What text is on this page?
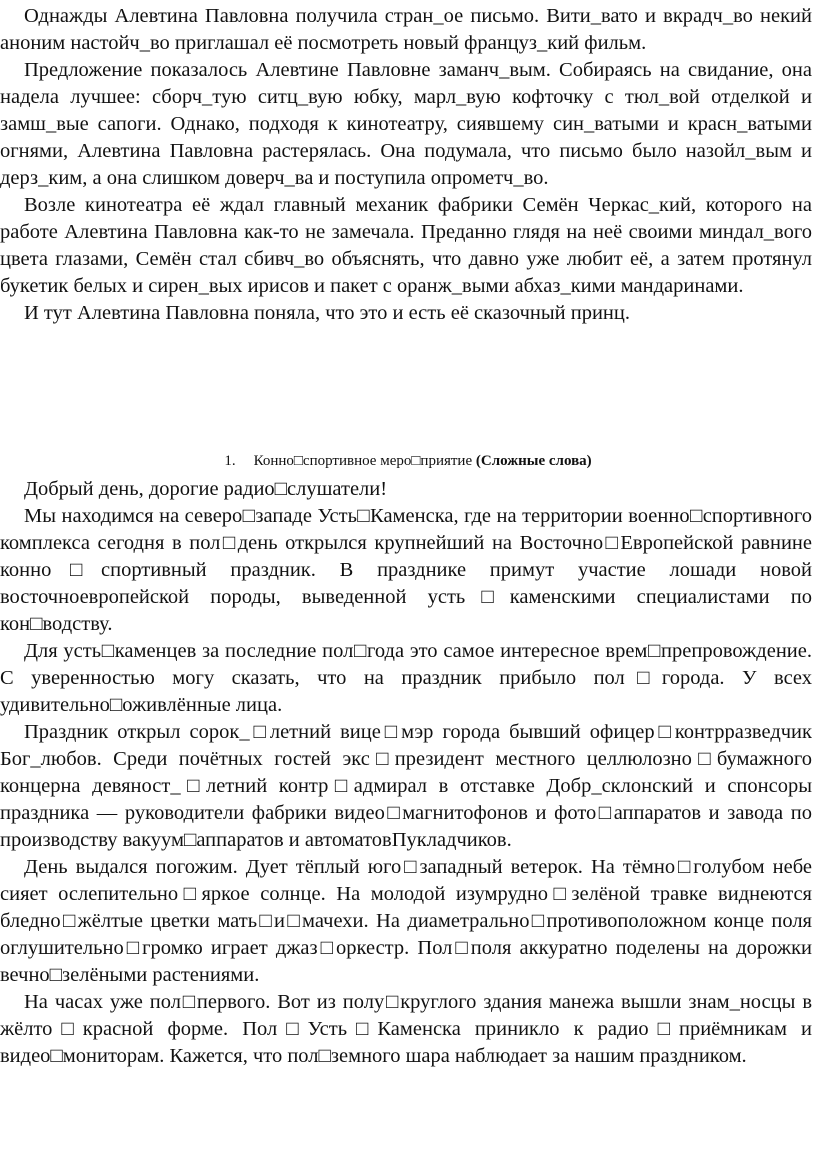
Однажды Алевтина Павловна получила стран_ое письмо. Вити_вато и вкрадч_во некий аноним настойч_во приглашал её посмотреть новый француз_кий фильм.

Предложение показалось Алевтине Павловне заманч_вым. Собираясь на свидание, она надела лучшее: сборч_тую ситц_вую юбку, марл_вую кофточку с тюл_вой отделкой и замш_вые сапоги. Однако, подходя к кинотеатру, сиявшему син_ватыми и красн_ватыми огнями, Алевтина Павловна растерялась. Она подумала, что письмо было назойл_вым и дерз_ким, а она слишком доверч_ва и поступила опрометч_во.

Возле кинотеатра её ждал главный механик фабрики Семён Черкас_кий, которого на работе Алевтина Павловна как-то не замечала. Преданно глядя на неё своими миндал_вого цвета глазами, Семён стал сбивч_во объяснять, что давно уже любит её, а затем протянул букетик белых и сирен_вых ирисов и пакет с оранж_выми абхаз_кими мандаринами.

И тут Алевтина Павловна поняла, что это и есть её сказочный принц.

1. Конно□спортивное меро□приятие (Сложные слова)

Добрый день, дорогие радио□слушатели!

Мы находимся на северо□западе Усть□Каменска, где на территории военно□спортивного комплекса сегодня в пол□день открылся крупнейший на Восточно□Европейской равнине конно□спортивный праздник. В празднике примут участие лошади новой восточноевропейской породы, выведенной усть□каменскими специалистами по кон□водству.

Для усть□каменцев за последние пол□года это самое интересное врем□препровождение. С уверенностью могу сказать, что на праздник прибыло пол□города. У всех удивительно□оживлённые лица.

Праздник открыл сорок_□летний вице□мэр города бывший офицер□контрразведчик Бог_любов. Среди почётных гостей экс□президент местного целлюлозно□бумажного концерна девяност_□летний контр□адмирал в отставке Добр_склонский и спонсоры праздника — руководители фабрики видео□магнитофонов и фото□аппаратов и завода по производству вакуум□аппаратов и автоматовПукладчиков.

День выдался погожим. Дует тёплый юго□западный ветерок. На тёмно□голубом небе сияет ослепительно□яркое солнце. На молодой изумрудно□зелёной травке виднеются бледно□жёлтые цветки мать□и□мачехи. На диаметрально□противоположном конце поля оглушительно□громко играет джаз□оркестр. Пол□поля аккуратно поделены на дорожки вечно□зелёными растениями.

На часах уже пол□первого. Вот из полу□круглого здания манежа вышли знам_носцы в жёлто□красной форме. Пол□Усть□Каменска приникло к радио□приёмникам и видео□мониторам. Кажется, что пол□земного шара наблюдает за нашим праздником.
